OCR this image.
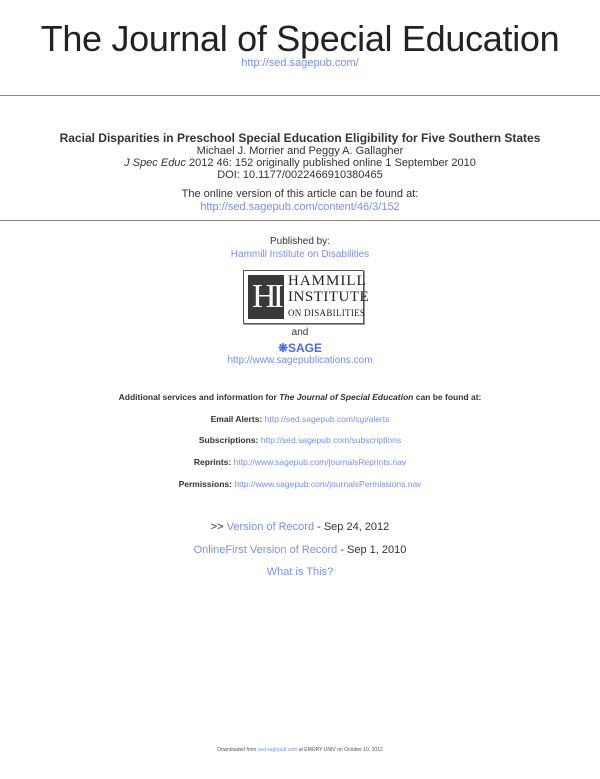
The Journal of Special Education
http://sed.sagepub.com/
Racial Disparities in Preschool Special Education Eligibility for Five Southern States
Michael J. Morrier and Peggy A. Gallagher
J Spec Educ 2012 46: 152 originally published online 1 September 2010
DOI: 10.1177/0022466910380465
The online version of this article can be found at:
http://sed.sagepub.com/content/46/3/152
Published by:
Hammill Institute on Disabilities
HI HAMMILL
INSTITUTE
ON DISABILITIES
and
❋SAGE
http://www.sagepublications.com
Additional services and information for The Journal of Special Education can be found at:
Email Alerts: http://sed.sagepub.com/cgi/alerts
Subscriptions: http://sed.sagepub.com/subscriptions
Reprints: http://www.sagepub.com/journalsReprints.nav
Permissions: http://www.sagepub.com/journalsPermissions.nav
>> Version of Record - Sep 24, 2012
OnlineFirst Version of Record - Sep 1, 2010
What is This?
Downloaded from sed.sagepub.com at EMORY UNIV on October 10, 2012
